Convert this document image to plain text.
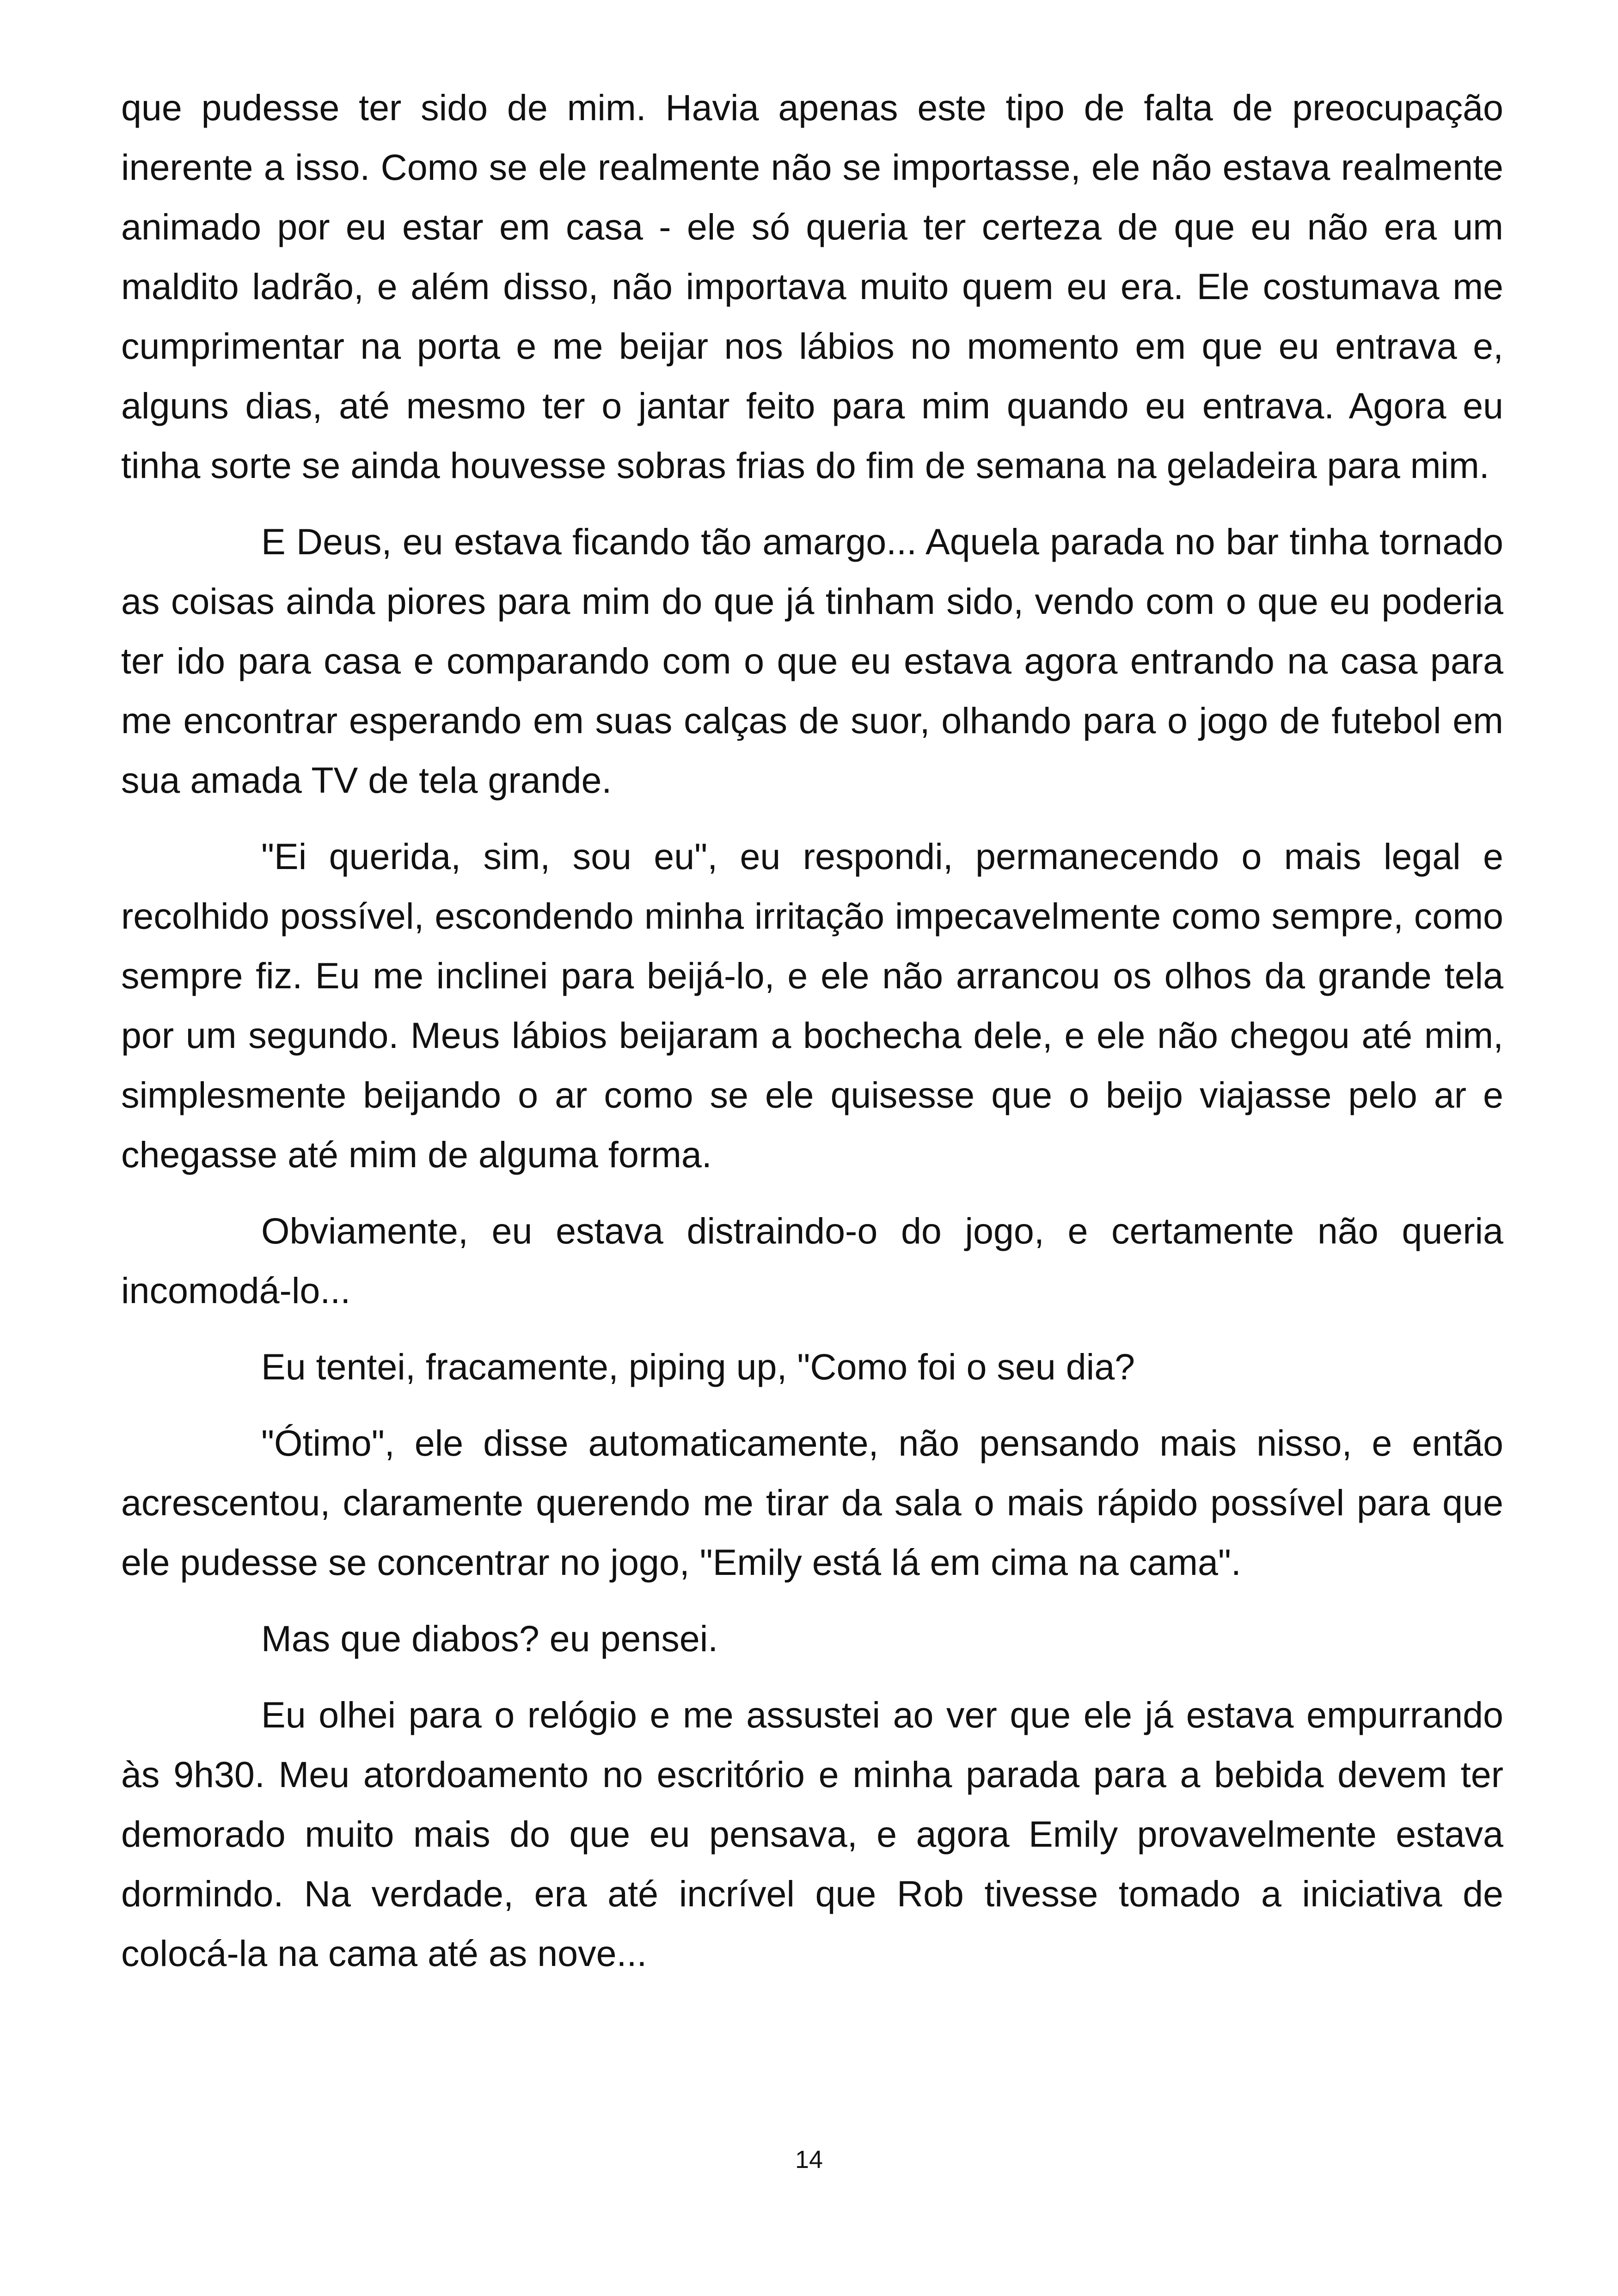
que pudesse ter sido de mim. Havia apenas este tipo de falta de preocupação inerente a isso. Como se ele realmente não se importasse, ele não estava realmente animado por eu estar em casa - ele só queria ter certeza de que eu não era um maldito ladrão, e além disso, não importava muito quem eu era. Ele costumava me cumprimentar na porta e me beijar nos lábios no momento em que eu entrava e, alguns dias, até mesmo ter o jantar feito para mim quando eu entrava. Agora eu tinha sorte se ainda houvesse sobras frias do fim de semana na geladeira para mim.

E Deus, eu estava ficando tão amargo... Aquela parada no bar tinha tornado as coisas ainda piores para mim do que já tinham sido, vendo com o que eu poderia ter ido para casa e comparando com o que eu estava agora entrando na casa para me encontrar esperando em suas calças de suor, olhando para o jogo de futebol em sua amada TV de tela grande.

"Ei querida, sim, sou eu", eu respondi, permanecendo o mais legal e recolhido possível, escondendo minha irritação impecavelmente como sempre, como sempre fiz. Eu me inclinei para beijá-lo, e ele não arrancou os olhos da grande tela por um segundo. Meus lábios beijaram a bochecha dele, e ele não chegou até mim, simplesmente beijando o ar como se ele quisesse que o beijo viajasse pelo ar e chegasse até mim de alguma forma.

Obviamente, eu estava distraindo-o do jogo, e certamente não queria incomodá-lo...

Eu tentei, fracamente, piping up, "Como foi o seu dia?

"Ótimo", ele disse automaticamente, não pensando mais nisso, e então acrescentou, claramente querendo me tirar da sala o mais rápido possível para que ele pudesse se concentrar no jogo, "Emily está lá em cima na cama".

Mas que diabos? eu pensei.

Eu olhei para o relógio e me assustei ao ver que ele já estava empurrando às 9h30. Meu atordoamento no escritório e minha parada para a bebida devem ter demorado muito mais do que eu pensava, e agora Emily provavelmente estava dormindo. Na verdade, era até incrível que Rob tivesse tomado a iniciativa de colocá-la na cama até as nove...

14
